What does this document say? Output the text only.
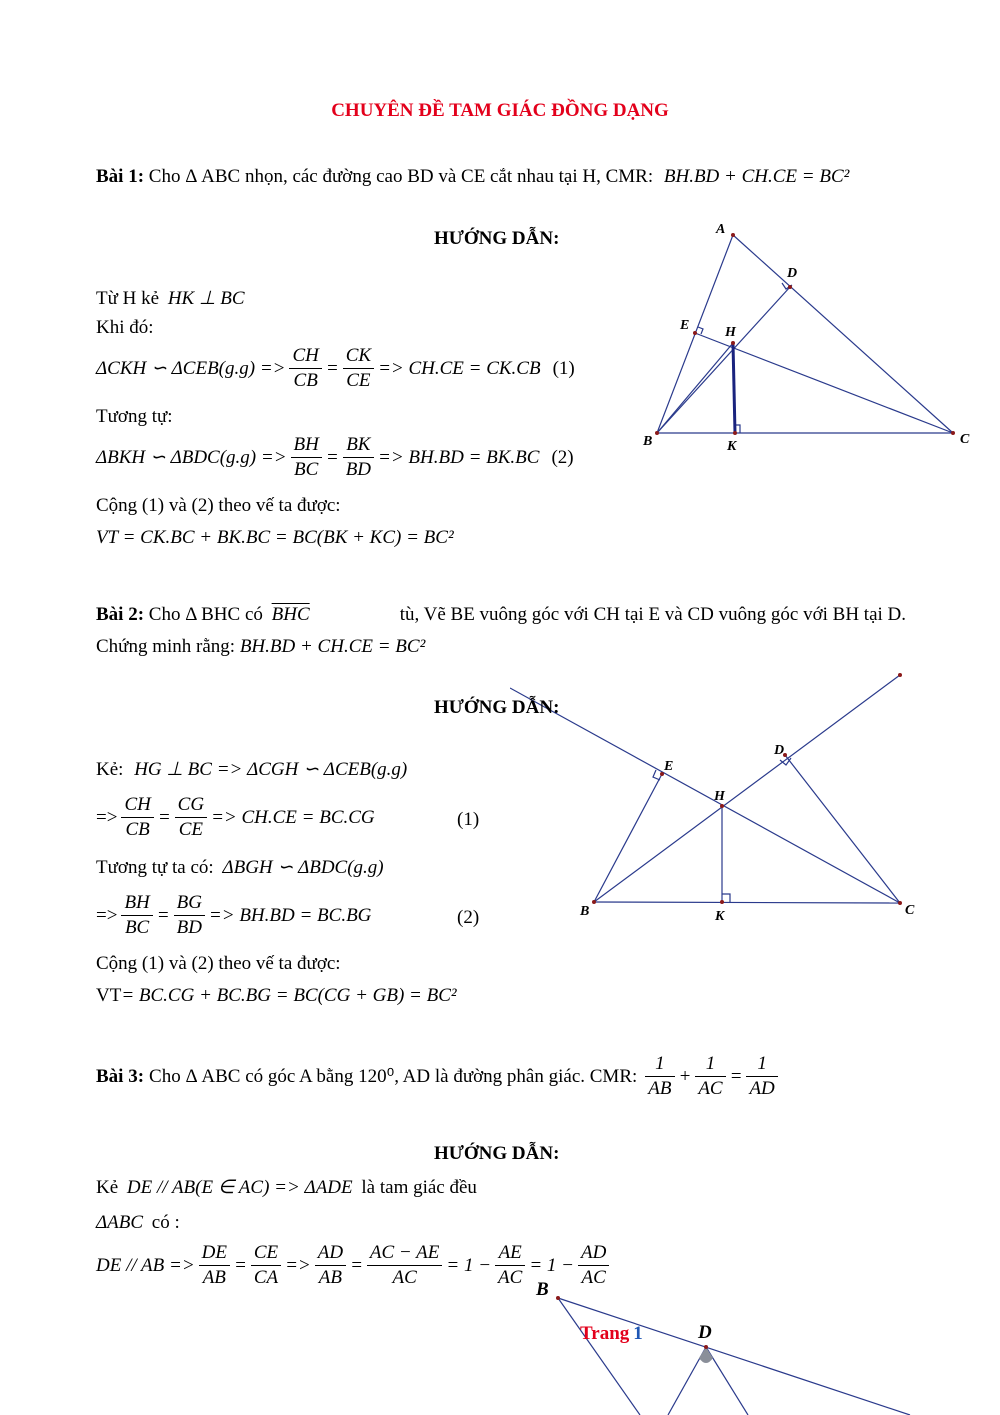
CHUYÊN ĐỀ TAM GIÁC ĐỒNG DẠNG
Bài 1: Cho Δ ABC nhọn, các đường cao BD và CE cắt nhau tại H, CMR: BH.BD + CH.CE = BC²
HƯỚNG DẪN:
Từ H kẻ HK ⊥ BC
Khi đó:
ΔCKH ∽ $\Delta CEB(g.g) => \frac{CH}{CB} = \frac{CK}{CE} => CH.CE = CK.CB$ (1)
Tương tự:
ΔBKH ∽ $\Delta BDC(g.g) => \frac{BH}{BC} = \frac{BK}{BD} => BH.BD = BK.BC$ (2)
Cộng (1) và (2) theo vế ta được:
VT = CK.BC + BK.BC = BC(BK + KC) = BC²
A
D
E	H
B	K	C
Bài 2: Cho Δ BHC có $\overline{BHC}$	tù, Vẽ BE vuông góc với CH tại E và CD vuông góc với BH tại D.
Chứng minh rằng: BH.BD + CH.CE = BC²
E
D
H
B	K	C
HƯỚNG DẪN:
Kẻ: HG ⊥ BC => ΔCGH ∽ ΔCEB(g.g)
=> $\frac{CH}{CB} = \frac{CG}{CE} => CH.CE = BC.CG$	(1)
Tương tự ta có: ΔBGH ∽ ΔBDC(g.g)
=> $\frac{BH}{BC} = \frac{BG}{BD} => BH.BD = BC.BG$	(2)
Cộng (1) và (2) theo vế ta được:
VT= BC.CG + BC.BG = BC(CG + GB) = BC²
Bài 3: Cho Δ ABC có góc A bằng 120⁰, AD là đường phân giác. CMR: $\frac{1}{AB} + \frac{1}{AC} = \frac{1}{AD}$
HƯỚNG DẪN:
Kẻ DE // AB(E ∈ AC) => ΔADE là tam giác đều
ΔABC có :
DE // AB => $\frac{DE}{AB} = \frac{CE}{CA} => \frac{AD}{AB} = \frac{AC - AE}{AC} = 1 - \frac{AE}{AC} = 1 - \frac{AD}{AC}$
B
D
Trang 1
